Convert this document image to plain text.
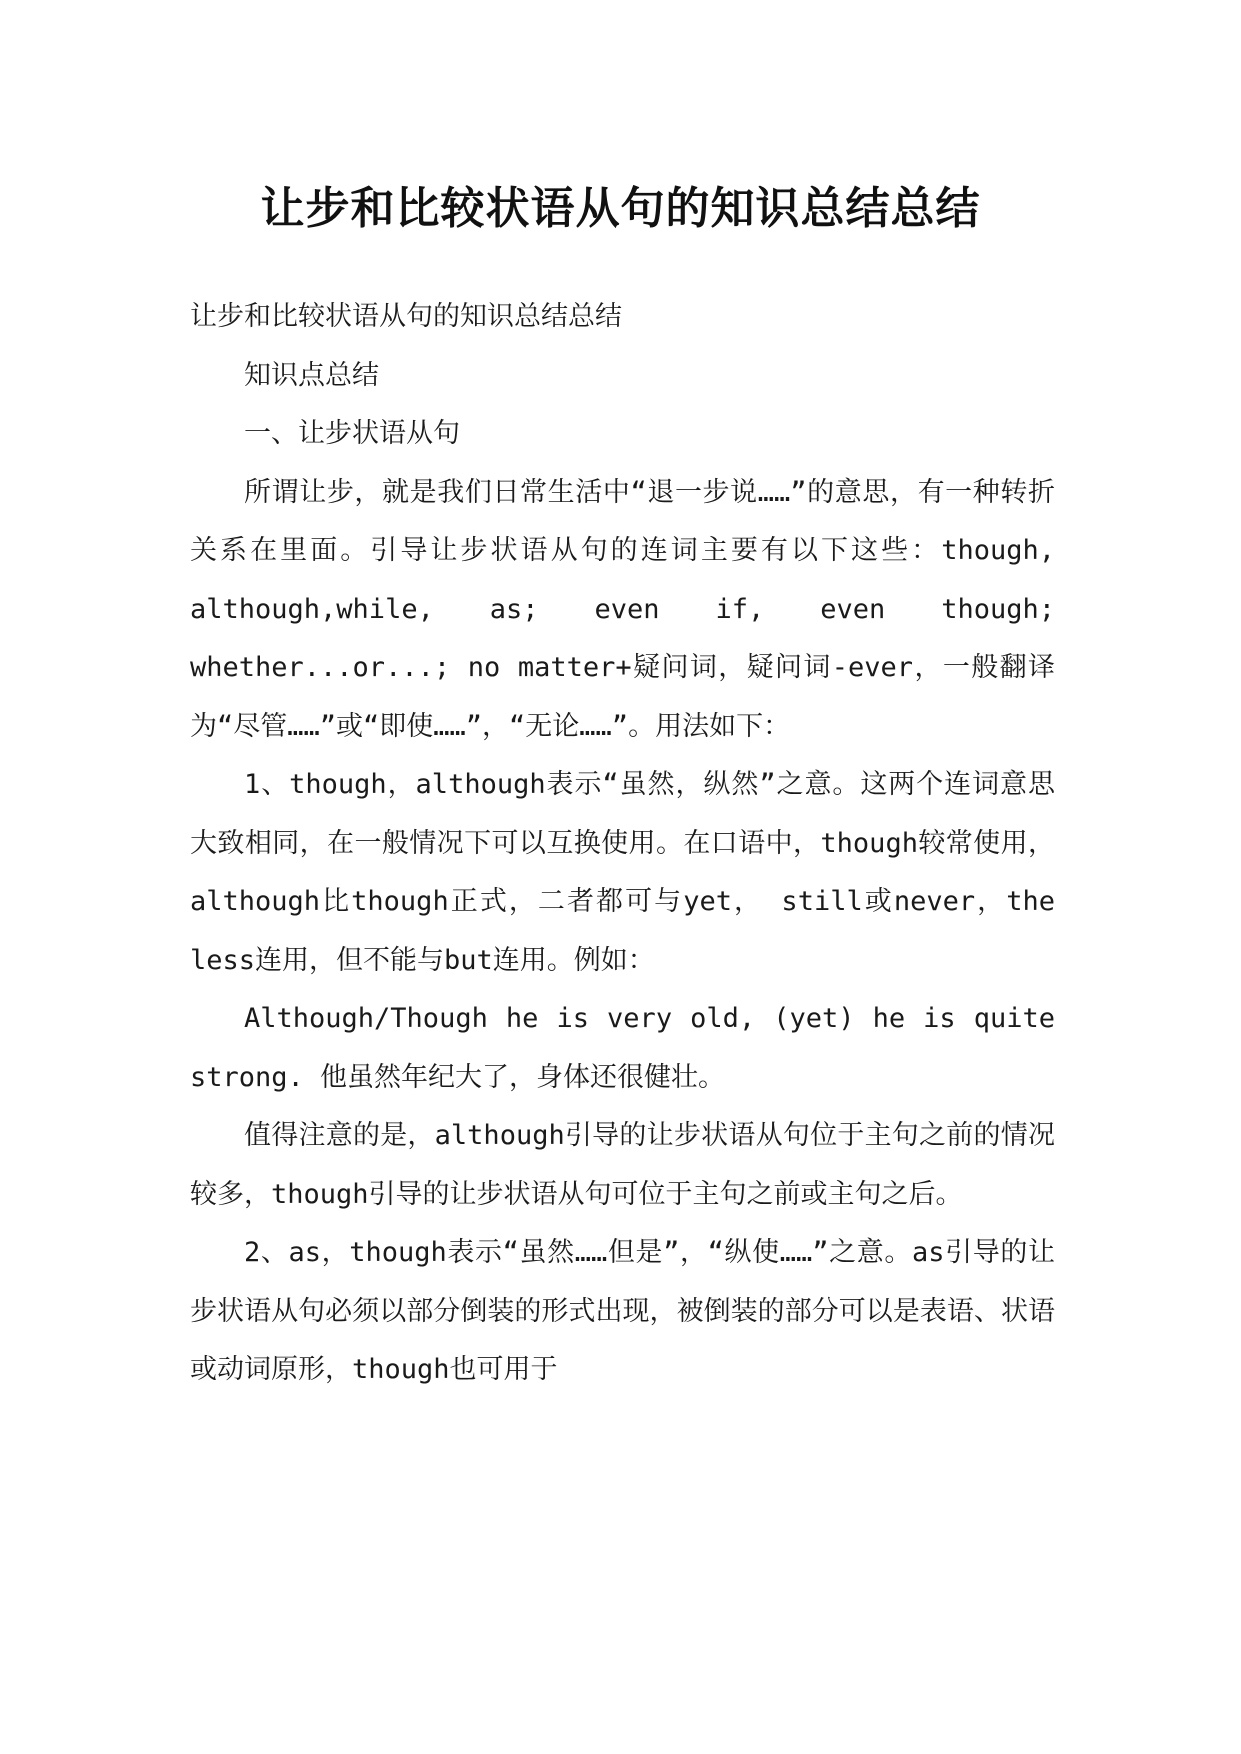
让步和比较状语从句的知识总结总结

让步和比较状语从句的知识总结总结

知识点总结

一、让步状语从句

所谓让步，就是我们日常生活中“退一步说……”的意思，有一种转折关系在里面。引导让步状语从句的连词主要有以下这些：though, although,while, as; even if, even though; whether...or...; no matter+疑问词，疑问词-ever，一般翻译为“尽管……”或“即使……”，“无论……”。用法如下：

1、though，although表示“虽然，纵然”之意。这两个连词意思大致相同，在一般情况下可以互换使用。在口语中，though较常使用，although比though正式，二者都可与yet， still或never，the less连用，但不能与but连用。例如：

Although/Though he is very old, (yet) he is quite strong. 他虽然年纪大了，身体还很健壮。

值得注意的是，although引导的让步状语从句位于主句之前的情况较多，though引导的让步状语从句可位于主句之前或主句之后。

2、as，though表示“虽然……但是”，“纵使……”之意。as引导的让步状语从句必须以部分倒装的形式出现，被倒装的部分可以是表语、状语或动词原形，though也可用于
